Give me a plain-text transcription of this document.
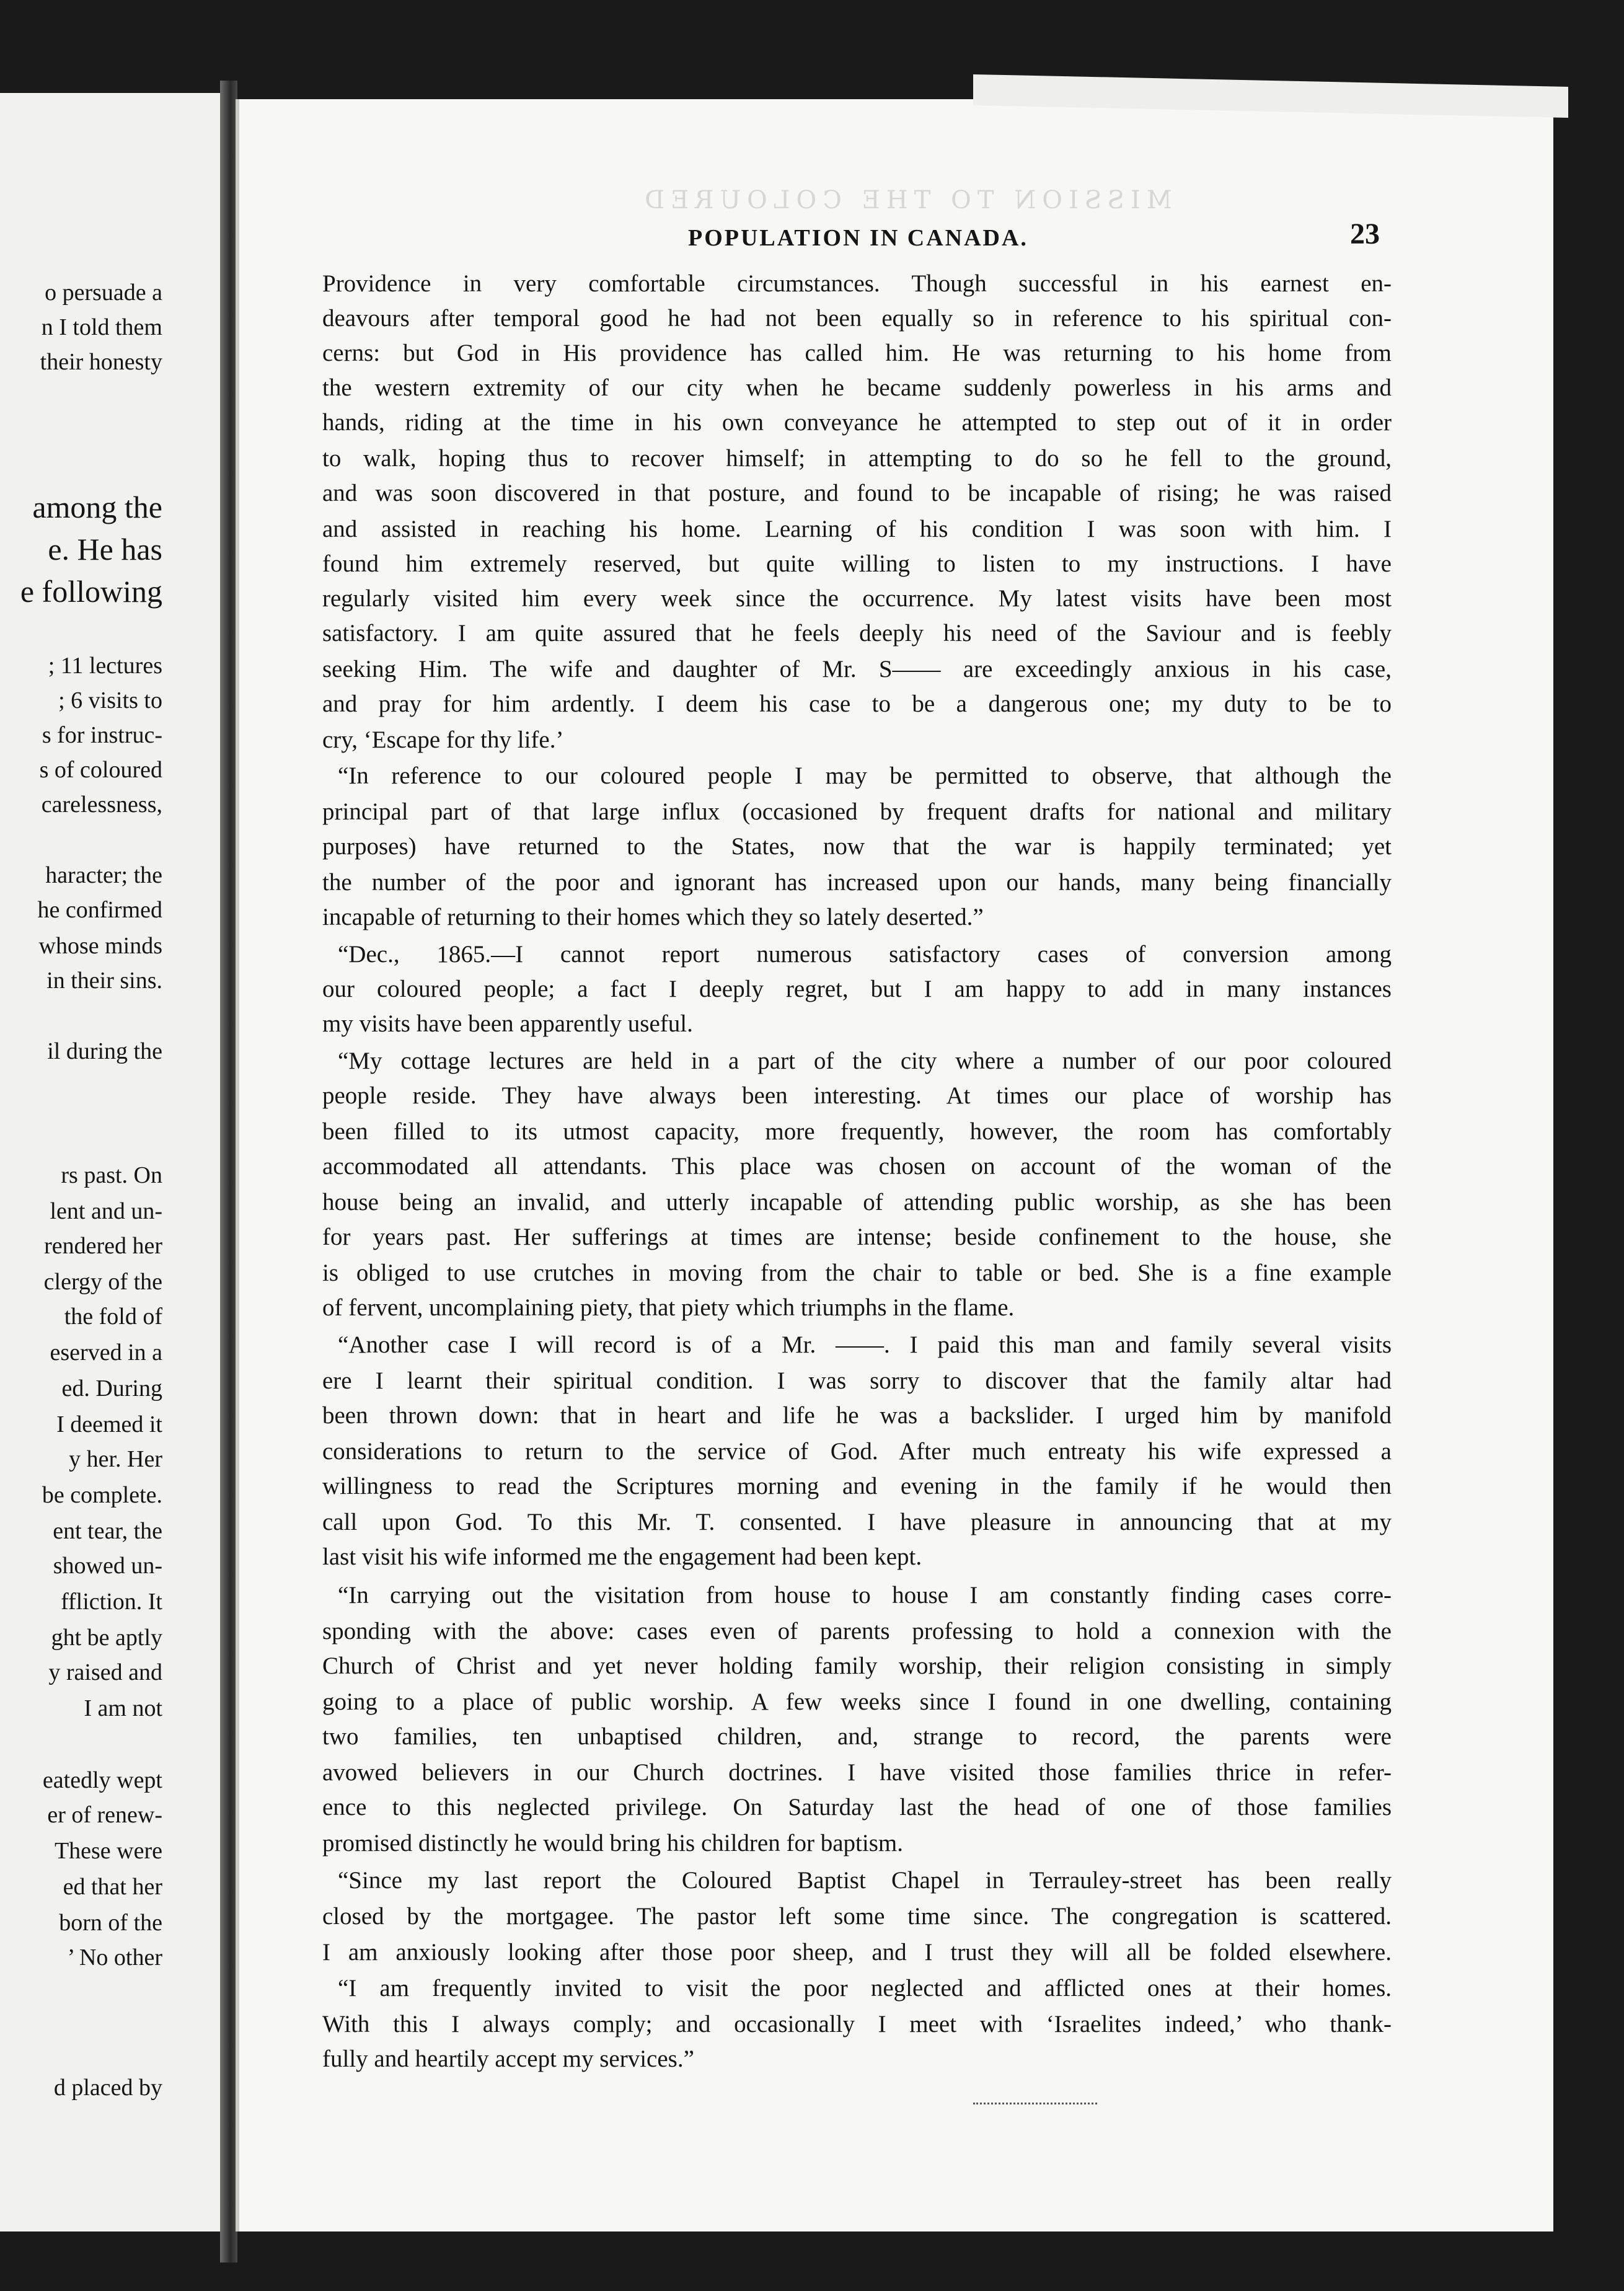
o persuade a
n I told them
their honesty
among the
e. He has
e following
; 11 lectures
; 6 visits to
s for instruc-
s of coloured
carelessness,
haracter; the
he confirmed
whose minds
in their sins.
il during the
rs past. On
lent and un-
rendered her
clergy of the
the fold of
eserved in a
ed. During
I deemed it
y her. Her
be complete.
ent tear, the
showed un-
ffliction. It
ght be aptly
y raised and
I am not
eatedly wept
er of renew-
These were
ed that her
born of the
’ No other
d placed by
MISSION TO THE COLOURED
POPULATION IN CANADA.	23
Providence in very comfortable circumstances. Though successful in his earnest en-
deavours after temporal good he had not been equally so in reference to his spiritual con-
cerns: but God in His providence has called him. He was returning to his home from
the western extremity of our city when he became suddenly powerless in his arms and
hands, riding at the time in his own conveyance he attempted to step out of it in order
to walk, hoping thus to recover himself; in attempting to do so he fell to the ground,
and was soon discovered in that posture, and found to be incapable of rising; he was raised
and assisted in reaching his home. Learning of his condition I was soon with him. I
found him extremely reserved, but quite willing to listen to my instructions. I have
regularly visited him every week since the occurrence. My latest visits have been most
satisfactory. I am quite assured that he feels deeply his need of the Saviour and is feebly
seeking Him. The wife and daughter of Mr. S—— are exceedingly anxious in his case,
and pray for him ardently. I deem his case to be a dangerous one; my duty to be to
cry, ‘Escape for thy life.’
“In reference to our coloured people I may be permitted to observe, that although the
principal part of that large influx (occasioned by frequent drafts for national and military
purposes) have returned to the States, now that the war is happily terminated; yet
the number of the poor and ignorant has increased upon our hands, many being financially
incapable of returning to their homes which they so lately deserted.”
“Dec., 1865.—I cannot report numerous satisfactory cases of conversion among
our coloured people; a fact I deeply regret, but I am happy to add in many instances
my visits have been apparently useful.
“My cottage lectures are held in a part of the city where a number of our poor coloured
people reside. They have always been interesting. At times our place of worship has
been filled to its utmost capacity, more frequently, however, the room has comfortably
accommodated all attendants. This place was chosen on account of the woman of the
house being an invalid, and utterly incapable of attending public worship, as she has been
for years past. Her sufferings at times are intense; beside confinement to the house, she
is obliged to use crutches in moving from the chair to table or bed. She is a fine example
of fervent, uncomplaining piety, that piety which triumphs in the flame.
“Another case I will record is of a Mr. ——. I paid this man and family several visits
ere I learnt their spiritual condition. I was sorry to discover that the family altar had
been thrown down: that in heart and life he was a backslider. I urged him by manifold
considerations to return to the service of God. After much entreaty his wife expressed a
willingness to read the Scriptures morning and evening in the family if he would then
call upon God. To this Mr. T. consented. I have pleasure in announcing that at my
last visit his wife informed me the engagement had been kept.
“In carrying out the visitation from house to house I am constantly finding cases corre-
sponding with the above: cases even of parents professing to hold a connexion with the
Church of Christ and yet never holding family worship, their religion consisting in simply
going to a place of public worship. A few weeks since I found in one dwelling, containing
two families, ten unbaptised children, and, strange to record, the parents were
avowed believers in our Church doctrines. I have visited those families thrice in refer-
ence to this neglected privilege. On Saturday last the head of one of those families
promised distinctly he would bring his children for baptism.
“Since my last report the Coloured Baptist Chapel in Terrauley-street has been really
closed by the mortgagee. The pastor left some time since. The congregation is scattered.
I am anxiously looking after those poor sheep, and I trust they will all be folded elsewhere.
“I am frequently invited to visit the poor neglected and afflicted ones at their homes.
With this I always comply; and occasionally I meet with ‘Israelites indeed,’ who thank-
fully and heartily accept my services.”
